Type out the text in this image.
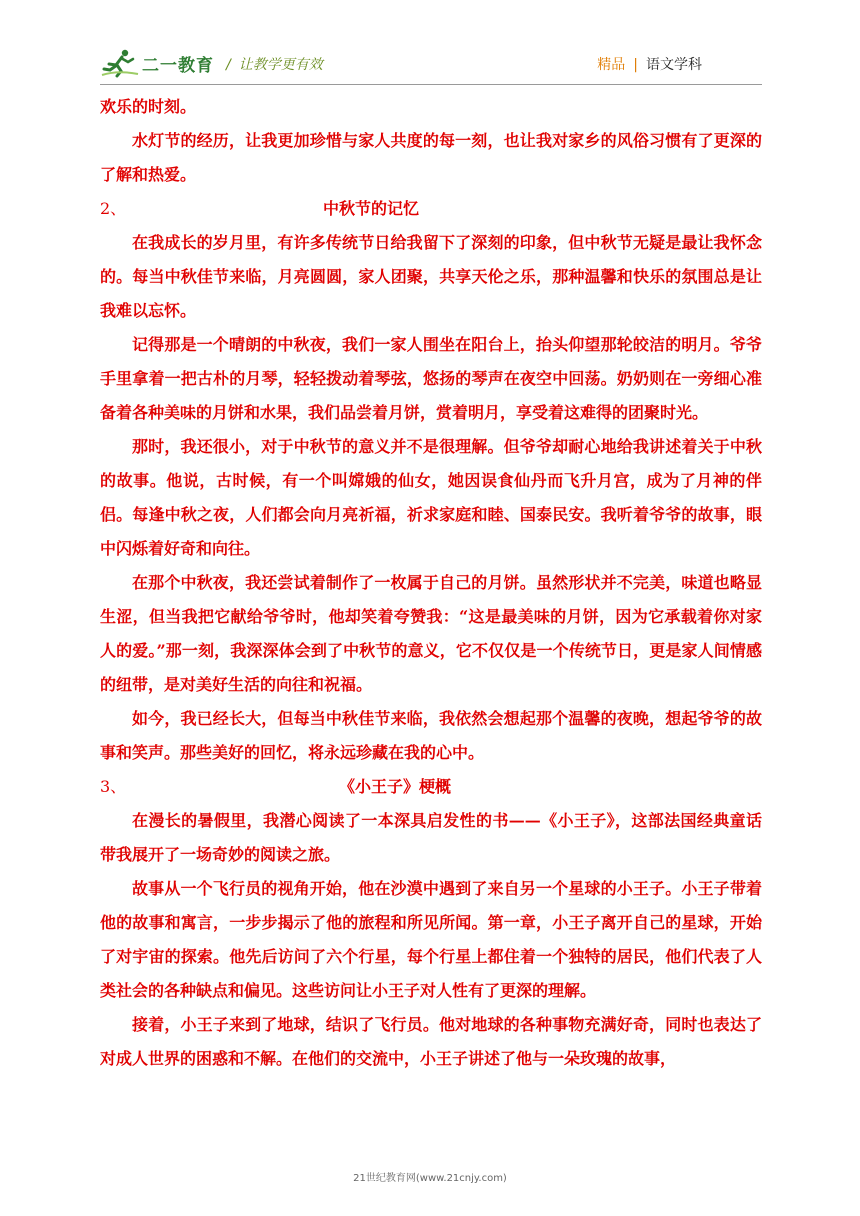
二一教育 / 让教学更有效	精品 | 语文学科

欢乐的时刻。

水灯节的经历，让我更加珍惜与家人共度的每一刻，也让我对家乡的风俗习惯有了更深的了解和热爱。

2、	中秋节的记忆

在我成长的岁月里，有许多传统节日给我留下了深刻的印象，但中秋节无疑是最让我怀念的。每当中秋佳节来临，月亮圆圆，家人团聚，共享天伦之乐，那种温馨和快乐的氛围总是让我难以忘怀。

记得那是一个晴朗的中秋夜，我们一家人围坐在阳台上，抬头仰望那轮皎洁的明月。爷爷手里拿着一把古朴的月琴，轻轻拨动着琴弦，悠扬的琴声在夜空中回荡。奶奶则在一旁细心准备着各种美味的月饼和水果，我们品尝着月饼，赏着明月，享受着这难得的团聚时光。

那时，我还很小，对于中秋节的意义并不是很理解。但爷爷却耐心地给我讲述着关于中秋的故事。他说，古时候，有一个叫嫦娥的仙女，她因误食仙丹而飞升月宫，成为了月神的伴侣。每逢中秋之夜，人们都会向月亮祈福，祈求家庭和睦、国泰民安。我听着爷爷的故事，眼中闪烁着好奇和向往。

在那个中秋夜，我还尝试着制作了一枚属于自己的月饼。虽然形状并不完美，味道也略显生涩，但当我把它献给爷爷时，他却笑着夸赞我：“这是最美味的月饼，因为它承载着你对家人的爱。”那一刻，我深深体会到了中秋节的意义，它不仅仅是一个传统节日，更是家人间情感的纽带，是对美好生活的向往和祝福。

如今，我已经长大，但每当中秋佳节来临，我依然会想起那个温馨的夜晚，想起爷爷的故事和笑声。那些美好的回忆，将永远珍藏在我的心中。

3、	《小王子》梗概

在漫长的暑假里，我潜心阅读了一本深具启发性的书——《小王子》，这部法国经典童话带我展开了一场奇妙的阅读之旅。

故事从一个飞行员的视角开始，他在沙漠中遇到了来自另一个星球的小王子。小王子带着他的故事和寓言，一步步揭示了他的旅程和所见所闻。第一章，小王子离开自己的星球，开始了对宇宙的探索。他先后访问了六个行星，每个行星上都住着一个独特的居民，他们代表了人类社会的各种缺点和偏见。这些访问让小王子对人性有了更深的理解。

接着，小王子来到了地球，结识了飞行员。他对地球的各种事物充满好奇，同时也表达了对成人世界的困惑和不解。在他们的交流中，小王子讲述了他与一朵玫瑰的故事，

21世纪教育网(www.21cnjy.com)
